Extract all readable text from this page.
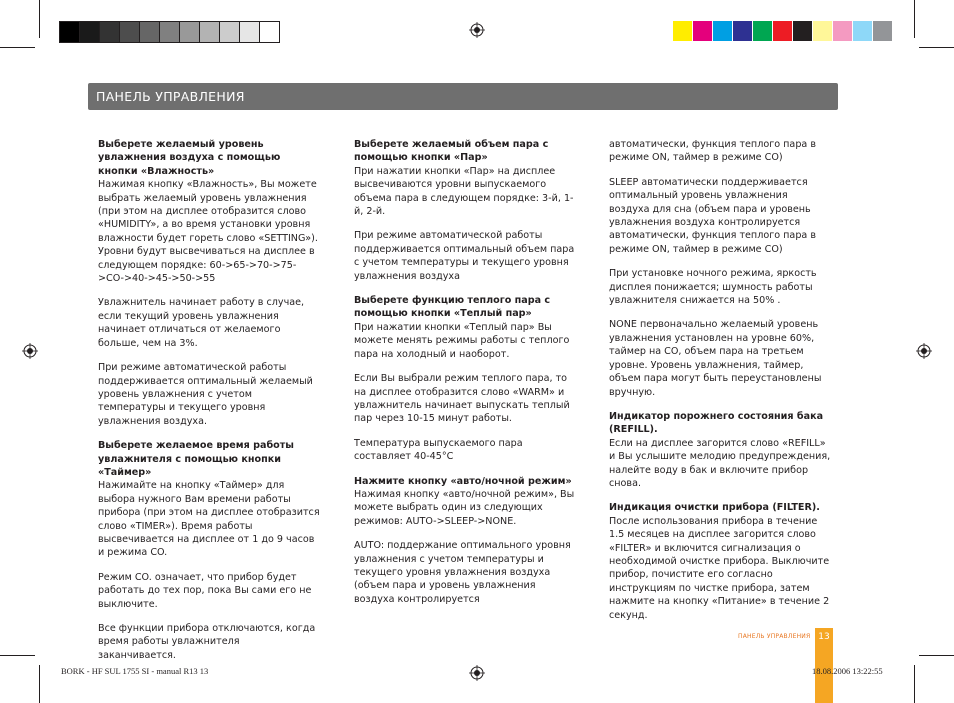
ПАНЕЛЬ УПРАВЛЕНИЯ
Выберете желаемый уровень увлажнения воздуха с помощью кнопки «Влажность»

Нажимая кнопку «Влажность», Вы можете выбрать желаемый уровень увлажнения (при этом на дисплее отобразится слово «HUMIDITY», а во время установки уровня влажности будет гореть слово «SETTING»). Уровни будут высвечиваться на дисплее в следующем порядке: 60->65->70->75->CO->40->45->50->55

Увлажнитель начинает работу в случае, если текущий уровень увлажнения начинает отличаться от желаемого больше, чем на 3%.

При режиме автоматической работы поддерживается оптимальный желаемый уровень увлажнения с учетом температуры и текущего уровня увлажнения воздуха.

Выберете желаемое время работы увлажнителя с помощью кнопки «Таймер»

Нажимайте на кнопку «Таймер» для выбора нужного Вам времени работы прибора (при этом на дисплее отобразится слово «TIMER»). Время работы высвечивается на дисплее от 1 до 9 часов и режима CO.

Режим CO. означает, что прибор будет работать до тех пор, пока Вы сами его не выключите.

Все функции прибора отключаются, когда время работы увлажнителя заканчивается.

Выберете желаемый объем пара с помощью кнопки «Пар»

При нажатии кнопки «Пар» на дисплее высвечиваются уровни выпускаемого объема пара в следующем порядке: 3-й, 1-й, 2-й.

При режиме автоматической работы поддерживается оптимальный объем пара с учетом температуры и текущего уровня увлажнения воздуха

Выберете функцию теплого пара с помощью кнопки «Теплый пар»

При нажатии кнопки «Теплый пар» Вы можете менять режимы работы с теплого пара на холодный и наоборот.

Если Вы выбрали режим теплого пара, то на дисплее отобразится слово «WARM» и увлажнитель начинает выпускать теплый пар через 10-15 минут работы.

Температура выпускаемого пара составляет 40-45°C

Нажмите кнопку «авто/ночной режим»

Нажимая кнопку «авто/ночной режим», Вы можете выбрать один из следующих режимов: AUTO->SLEEP->NONE.

AUTO: поддержание оптимального уровня увлажнения с учетом температуры и текущего уровня увлажнения воздуха (объем пара и уровень увлажнения воздуха контролируется

автоматически, функция теплого пара в режиме ON, таймер в режиме CO)

SLEEP автоматически поддерживается оптимальный уровень увлажнения воздуха для сна (объем пара и уровень увлажнения воздуха контролируется автоматически, функция теплого пара в режиме ON, таймер в режиме CO)

При установке ночного режима, яркость дисплея понижается; шумность работы увлажнителя снижается на 50% .

NONE первоначально желаемый уровень увлажнения установлен на уровне 60%, таймер на CO, объем пара на третьем уровне. Уровень увлажнения, таймер, объем пара могут быть переустановлены вручную.

Индикатор порожнего состояния бака (REFILL).

Если на дисплее загорится слово «REFILL» и Вы услышите мелодию предупреждения, налейте воду в бак и включите прибор снова.

Индикация очистки прибора (FILTER).

После использования прибора в течение 1.5 месяцев на дисплее загорится слово «FILTER» и включится сигнализация о необходимой очистке прибора. Выключите прибор, почистите его согласно инструкциям по чистке прибора, затем нажмите на кнопку «Питание» в течение 2 секунд.

ПАНЕЛЬ УПРАВЛЕНИЯ 13
BORK - HF SUL 1755 SI - manual R13 13	18.08.2006 13:22:55
